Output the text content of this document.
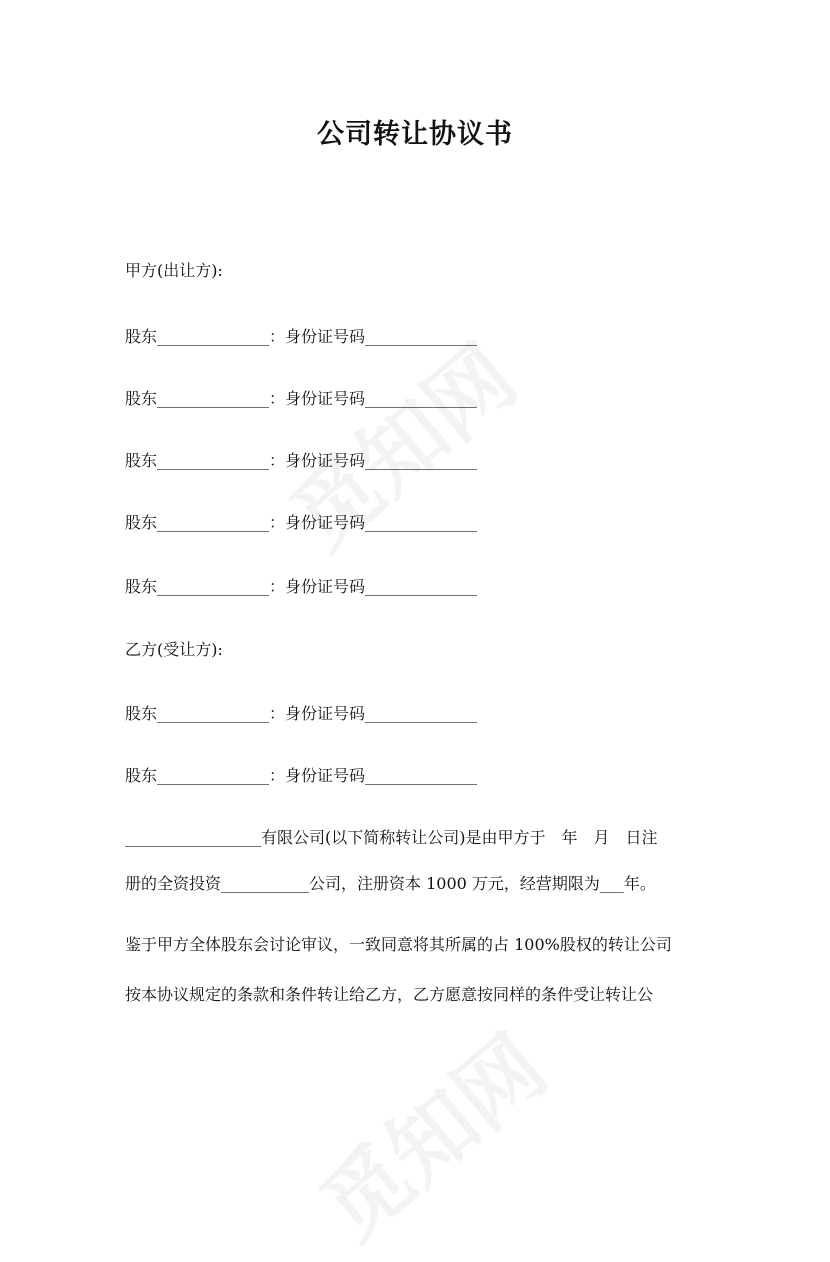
公司转让协议书
甲方(出让方):
股东______________：身份证号码______________
股东______________：身份证号码______________
股东______________：身份证号码______________
股东______________：身份证号码______________
股东______________：身份证号码______________
乙方(受让方):
股东______________：身份证号码______________
股东______________：身份证号码______________
_________________有限公司(以下简称转让公司)是由甲方于　年　月　日注
册的全资投资___________公司，注册资本 1000 万元，经营期限为___年。
鉴于甲方全体股东会讨论审议，一致同意将其所属的占 100%股权的转让公司
按本协议规定的条款和条件转让给乙方，乙方愿意按同样的条件受让转让公
